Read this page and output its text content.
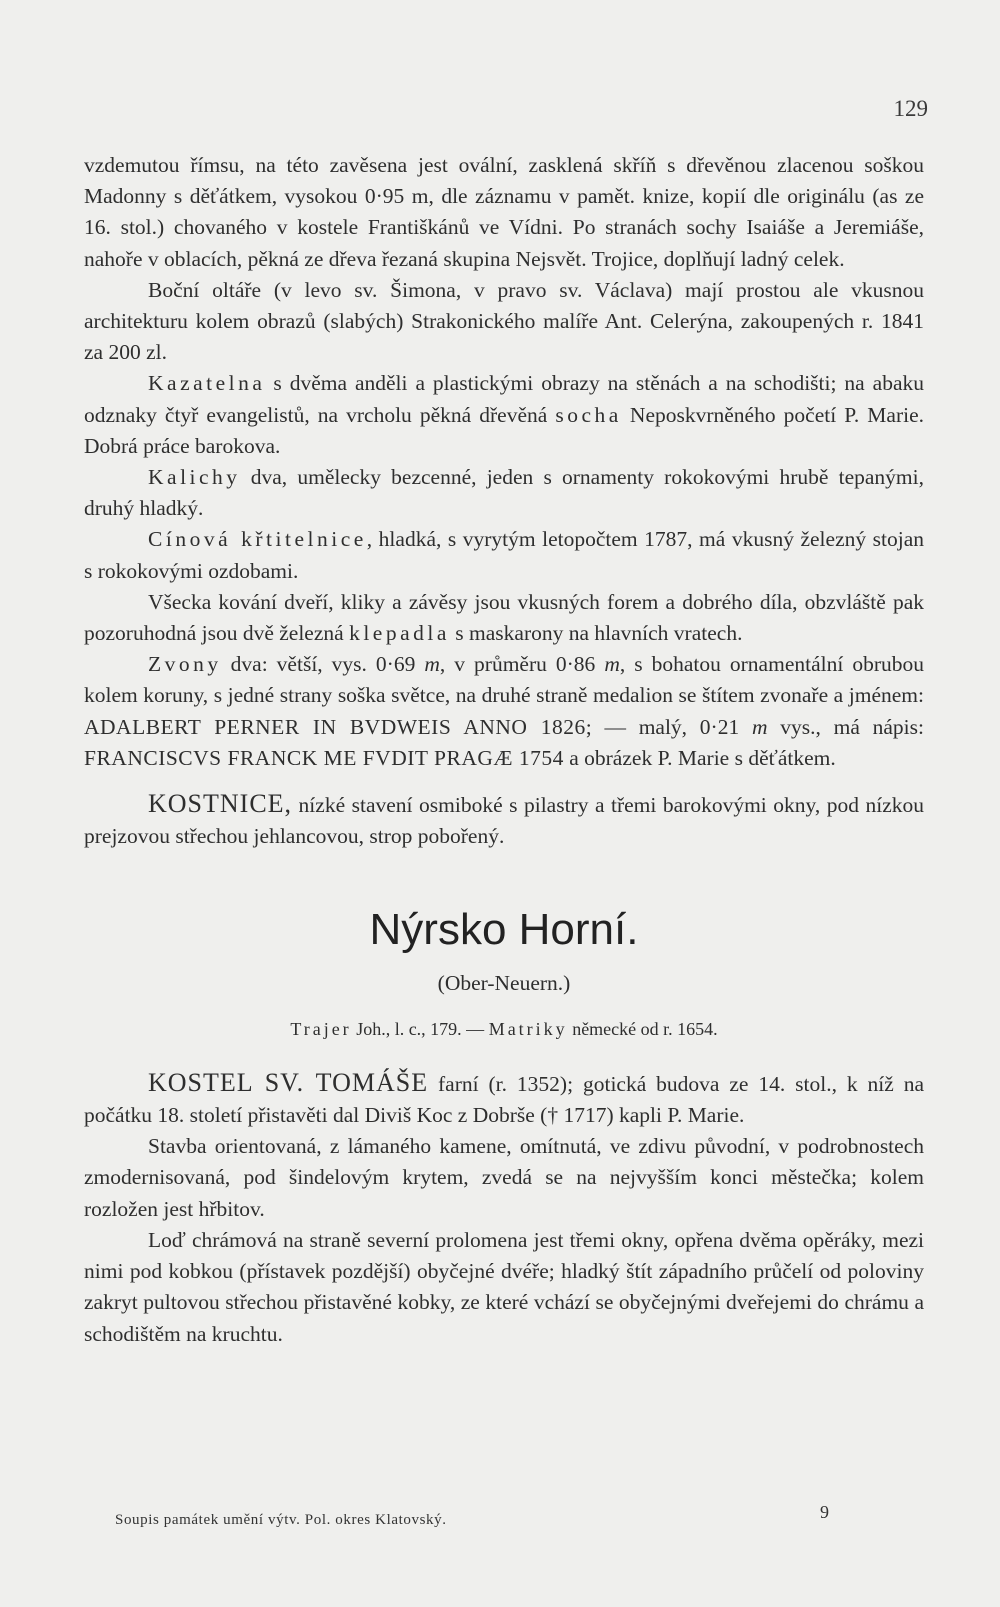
129

vzdemutou římsu, na této zavěsena jest ovální, zasklená skříň s dřevěnou zlacenou soškou Madonny s děťátkem, vysokou 0·95 m, dle záznamu v pamět. knize, kopií dle originálu (as ze 16. stol.) chovaného v kostele Františkánů ve Vídni. Po stranách sochy Isaiáše a Jeremiáše, nahoře v oblacích, pěkná ze dřeva řezaná skupina Nejsvět. Trojice, doplňují ladný celek.

Boční oltáře (v levo sv. Šimona, v pravo sv. Václava) mají prostou ale vkusnou architekturu kolem obrazů (slabých) Strakonického malíře Ant. Celerýna, zakoupených r. 1841 za 200 zl.

Kazatelna s dvěma anděli a plastickými obrazy na stěnách a na schodišti; na abaku odznaky čtyř evangelistů, na vrcholu pěkná dřevěná socha Neposkvrněného početí P. Marie. Dobrá práce barokova.

Kalichy dva, umělecky bezcenné, jeden s ornamenty rokokovými hrubě tepanými, druhý hladký.

Cínová křtitelnice, hladká, s vyrytým letopočtem 1787, má vkusný železný stojan s rokokovými ozdobami.

Všecka kování dveří, kliky a závěsy jsou vkusných forem a dobrého díla, obzvláště pak pozoruhodná jsou dvě železná klepadla s maskarony na hlavních vratech.

Zvony dva: větší, vys. 0·69 m, v průměru 0·86 m, s bohatou ornamentální obrubou kolem koruny, s jedné strany soška světce, na druhé straně medalion se štítem zvonaře a jménem: ADALBERT PERNER IN BVDWEIS ANNO 1826; — malý, 0·21 m vys., má nápis: FRANCISCVS FRANCK ME FVDIT PRAGÆ 1754 a obrázek P. Marie s děťátkem.

KOSTNICE, nízké stavení osmiboké s pilastry a třemi barokovými okny, pod nízkou prejzovou střechou jehlancovou, strop pobořený.

Nýrsko Horní.
(Ober-Neuern.)
Trajer Joh., l. c., 179. — Matriky německé od r. 1654.

KOSTEL SV. TOMÁŠE farní (r. 1352); gotická budova ze 14. stol., k níž na počátku 18. století přistavěti dal Diviš Koc z Dobrše († 1717) kapli P. Marie.

Stavba orientovaná, z lámaného kamene, omítnutá, ve zdivu původní, v podrobnostech zmodernisovaná, pod šindelovým krytem, zvedá se na nejvyšším konci městečka; kolem rozložen jest hřbitov.

Loď chrámová na straně severní prolomena jest třemi okny, opřena dvěma opěráky, mezi nimi pod kobkou (přístavek pozdější) obyčejné dvéře; hladký štít západního průčelí od poloviny zakryt pultovou střechou přistavěné kobky, ze které vchází se obyčejnými dveřejemi do chrámu a schodištěm na kruchtu.

Soupis památek umění výtv. Pol. okres Klatovský.	9
